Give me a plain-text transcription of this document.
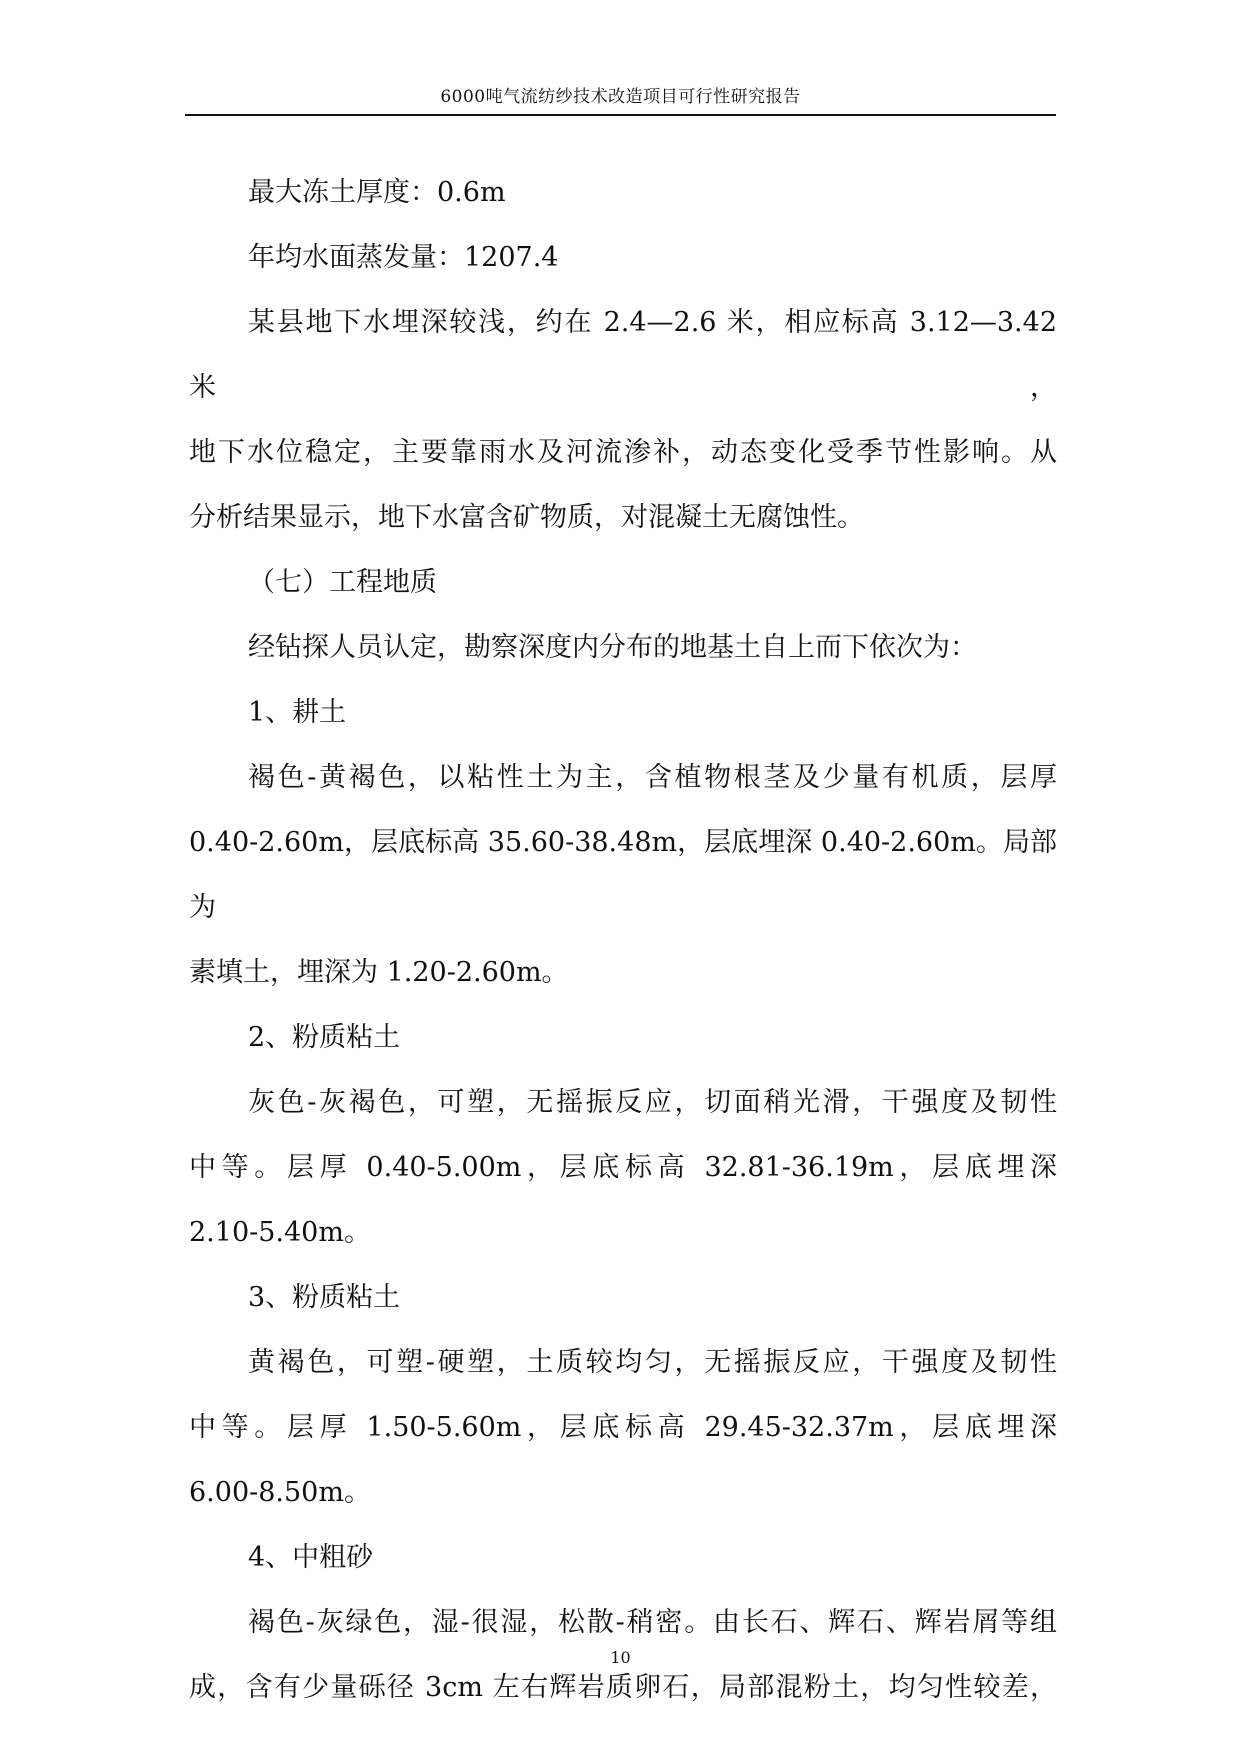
6000吨气流纺纱技术改造项目可行性研究报告

最大冻土厚度：0.6m

年均水面蒸发量：1207.4

某县地下水埋深较浅，约在 2.4—2.6 米，相应标高 3.12—3.42 米，
地下水位稳定，主要靠雨水及河流渗补，动态变化受季节性影响。从
分析结果显示，地下水富含矿物质，对混凝土无腐蚀性。

（七）工程地质

经钻探人员认定，勘察深度内分布的地基土自上而下依次为：

1、耕土

褐色-黄褐色，以粘性土为主，含植物根茎及少量有机质，层厚
0.40-2.60m，层底标高 35.60-38.48m，层底埋深 0.40-2.60m。局部为
素填土，埋深为 1.20-2.60m。

2、粉质粘土

灰色-灰褐色，可塑，无摇振反应，切面稍光滑，干强度及韧性
中等。层厚 0.40-5.00m，层底标高 32.81-36.19m，层底埋深
2.10-5.40m。

3、粉质粘土

黄褐色，可塑-硬塑，土质较均匀，无摇振反应，干强度及韧性
中等。层厚 1.50-5.60m，层底标高 29.45-32.37m，层底埋深
6.00-8.50m。

4、中粗砂

褐色-灰绿色，湿-很湿，松散-稍密。由长石、辉石、辉岩屑等组
成，含有少量砾径 3cm 左右辉岩质卵石，局部混粉土，均匀性较差，

10
